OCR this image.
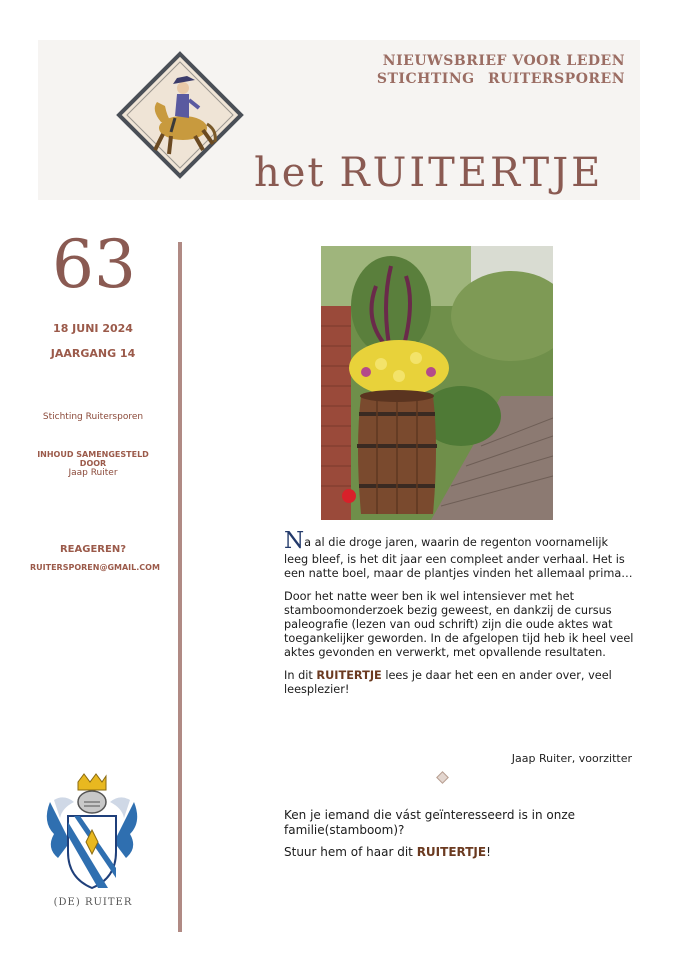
NIEUWSBRIEF VOOR LEDEN
STICHTING RUITERSPOREN
het RUITERTJE
63
18 JUNI 2024
JAARGANG 14
Stichting Ruitersporen
INHOUD SAMENGESTELD DOOR
Jaap Ruiter
REAGEREN?
RUITERSPOREN@GMAIL.COM
(DE) RUITER

Na al die droge jaren, waarin de regenton voornamelijk leeg bleef, is het dit jaar een compleet ander verhaal. Het is een natte boel, maar de plantjes vinden het allemaal prima…

Door het natte weer ben ik wel intensiever met het stamboomonderzoek bezig geweest, en dankzij de cursus paleografie (lezen van oud schrift) zijn die oude aktes wat toegankelijker geworden. In de afgelopen tijd heb ik heel veel aktes gevonden en verwerkt, met opvallende resultaten.

In dit RUITERTJE lees je daar het een en ander over, veel leesplezier!

Jaap Ruiter, voorzitter
Ken je iemand die vást geïnteresseerd is in onze familie(stamboom)?
Stuur hem of haar dit RUITERTJE!
